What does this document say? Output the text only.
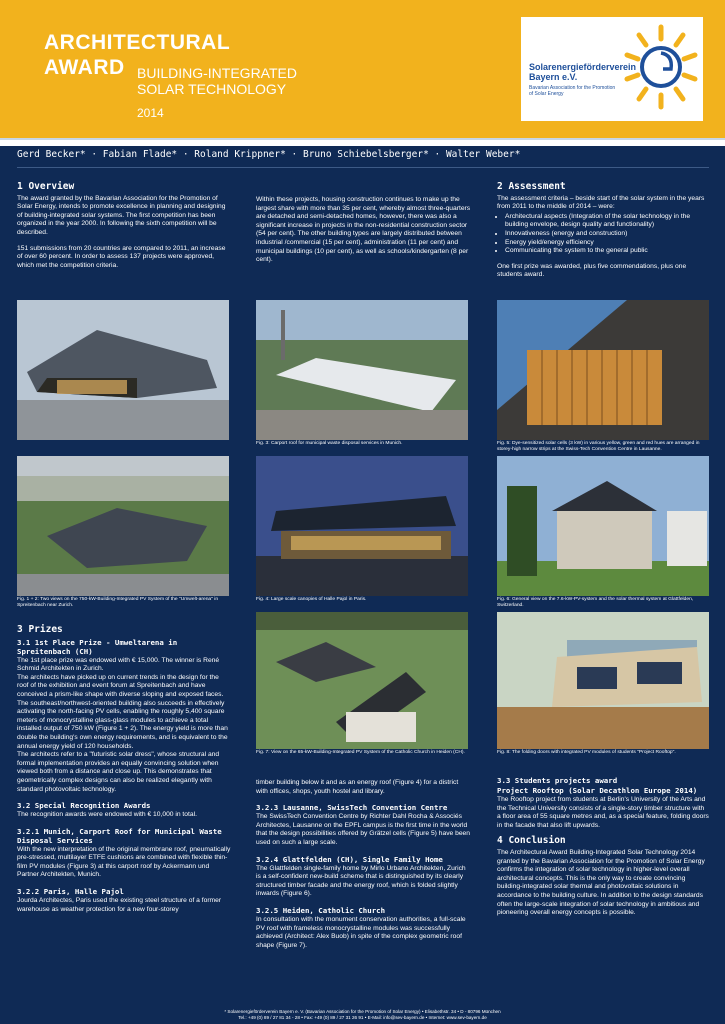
ARCHITECTURAL
AWARD BUILDING-INTEGRATED
SOLAR TECHNOLOGY
2014
Solarenergieförderverein
Bayern e.V.
Bavarian Association for the Promotion
of Solar Energy
Gerd Becker* · Fabian Flade* · Roland Krippner* · Bruno Schiebelsberger* · Walter Weber*
1 Overview

The award granted by the Bavarian Association for the Promotion of Solar Energy, intends to promote excellence in planning and designing of building-integrated solar systems. The first competition has been organized in the year 2000. In following the sixth competition will be described.

151 submissions from 20 countries are compared to 2011, an increase of over 60 percent. In order to assess 137 projects were approved, which met the competition criteria.

Within these projects, housing construction continues to make up the largest share with more than 35 per cent, whereby almost three-quarters are detached and semi-detached homes, however, there was also a significant increase in projects in the non-residential construction sector (54 per cent). The other building types are largely distributed between industrial /commercial (15 per cent), administration (11 per cent) and municipal buildings (10 per cent), as well as schools/kindergarten (8 per cent).

2 Assessment

The assessment criteria – beside start of the solar system in the years from 2011 to the middle of 2014 – were:

• Architectural aspects (Integration of the solar technology in the building envelope, design quality and functionality)
• Innovativeness (energy and construction)
• Energy yield/energy efficiency
• Communicating the system to the general public

One first prize was awarded, plus five commendations, plus one students award.

Fig. 3: Carport roof for municipal waste disposal services in Munich.	Fig. 5: Dye-sensitized solar cells (3 kW) in various yellow, green and red hues are arranged in storey-high narrow strips at the Swiss-Tech Convention Centre in Lausanne.
Fig. 1 + 2: Two views on the 750-kW-Building-Integrated PV System of the "Umwelt-arena" in Spreitenbach near Zurich.
Fig. 4: Large scale canopies of Halle Pajol in Paris.	Fig. 6: General view on the 7.6-kW-PV-system and the solar thermal system at Glattfelden, Switzerland.
Fig. 7: View on the 65-kW-Building-Integrated PV System of the Catholic Church in Heiden (CH).	Fig. 8: The folding doors with integrated PV modules of students "Project Rooftop".
3 Prizes
3.1 1st Place Prize - Umweltarena in Spreitenbach (CH)

The 1st place prize was endowed with € 15,000. The winner is René Schmid Architekten in Zurich.

The architects have picked up on current trends in the design for the roof of the exhibition and event forum at Spreitenbach and have conceived a prism-like shape with diverse sloping and exposed faces. The southeast/northwest-oriented building also succeeds in effectively activating the north-facing PV cells, enabling the roughly 5,400 square meters of monocrystalline glass-glass modules to achieve a total installed output of 750 kW (Figure 1 + 2). The energy yield is more than double the building's own energy requirements, and is equivalent to the annual energy yield of 120 households.

The architects refer to a "futuristic solar dress", whose structural and formal implementation provides an equally convincing solution when viewed both from a distance and close up. This demonstrates that geometrically complex designs can also be realized elegantly with standard photovoltaic technology.

3.2 Special Recognition Awards

The recognition awards were endowed with € 10,000 in total.

3.2.1 Munich, Carport Roof for Municipal Waste Disposal Services

With the new interpretation of the original membrane roof, pneumatically pre-stressed, multilayer ETFE cushions are combined with flexible thin-film PV modules (Figure 3) at this carport roof by Ackermann und Partner Architekten, Munich.

3.2.2 Paris, Halle Pajol

Jourda Architectes, Paris used the existing steel structure of a former warehouse as weather protection for a new four-storey

timber building below it and as an energy roof (Figure 4) for a district with offices, shops, youth hostel and library.

3.2.3 Lausanne, SwissTech Convention Centre

The SwissTech Convention Centre by Richter Dahl Rocha & Associés Architectes, Lausanne on the EPFL campus is the first time in the world that the design possibilities offered by Grätzel cells (Figure 5) have been used on such a large scale.

3.2.4 Glattfelden (CH), Single Family Home

The Glattfelden single-family home by Mirlo Urbano Architekten, Zurich is a self-confident new-build scheme that is distinguished by its clearly structured timber facade and the energy roof, which is folded slightly inwards (Figure 6).

3.2.5 Heiden, Catholic Church

In consultation with the monument conservation authorities, a full-scale PV roof with frameless monocrystalline modules was successfully achieved (Architect: Alex Buob) in spite of the complex geometric roof shape (Figure 7).

3.3 Students projects award
Project Rooftop (Solar Decathlon Europe 2014)

The Rooftop project from students at Berlin's University of the Arts and the Technical University consists of a single-story timber structure with a floor area of 55 square metres and, as a special feature, folding doors in the facade that also lift upwards.

4 Conclusion

The Architectural Award Building-Integrated Solar Technology 2014 granted by the Bavarian Association for the Promotion of Solar Energy confirms the integration of solar technology in higher-level overall architectural concepts. This is the only way to create convincing building-integrated solar thermal and photovoltaic solutions in accordance to the building culture. In addition to the design standards often the large-scale integration of solar technology in ambitious and pioneering overall energy concepts is possible.

* Solarenergieförderverein Bayern e. V. (Bavarian Association for the Promotion of Solar Energy) • Elisabethstr. 34 • D - 80796 München
Tel.: +49 (0) 89 / 27 81 34 - 28 • Fax: +49 (0) 89 / 27 31 26 91 • E-Mail: info@sev-bayern.de • Internet: www.sev-bayern.de
